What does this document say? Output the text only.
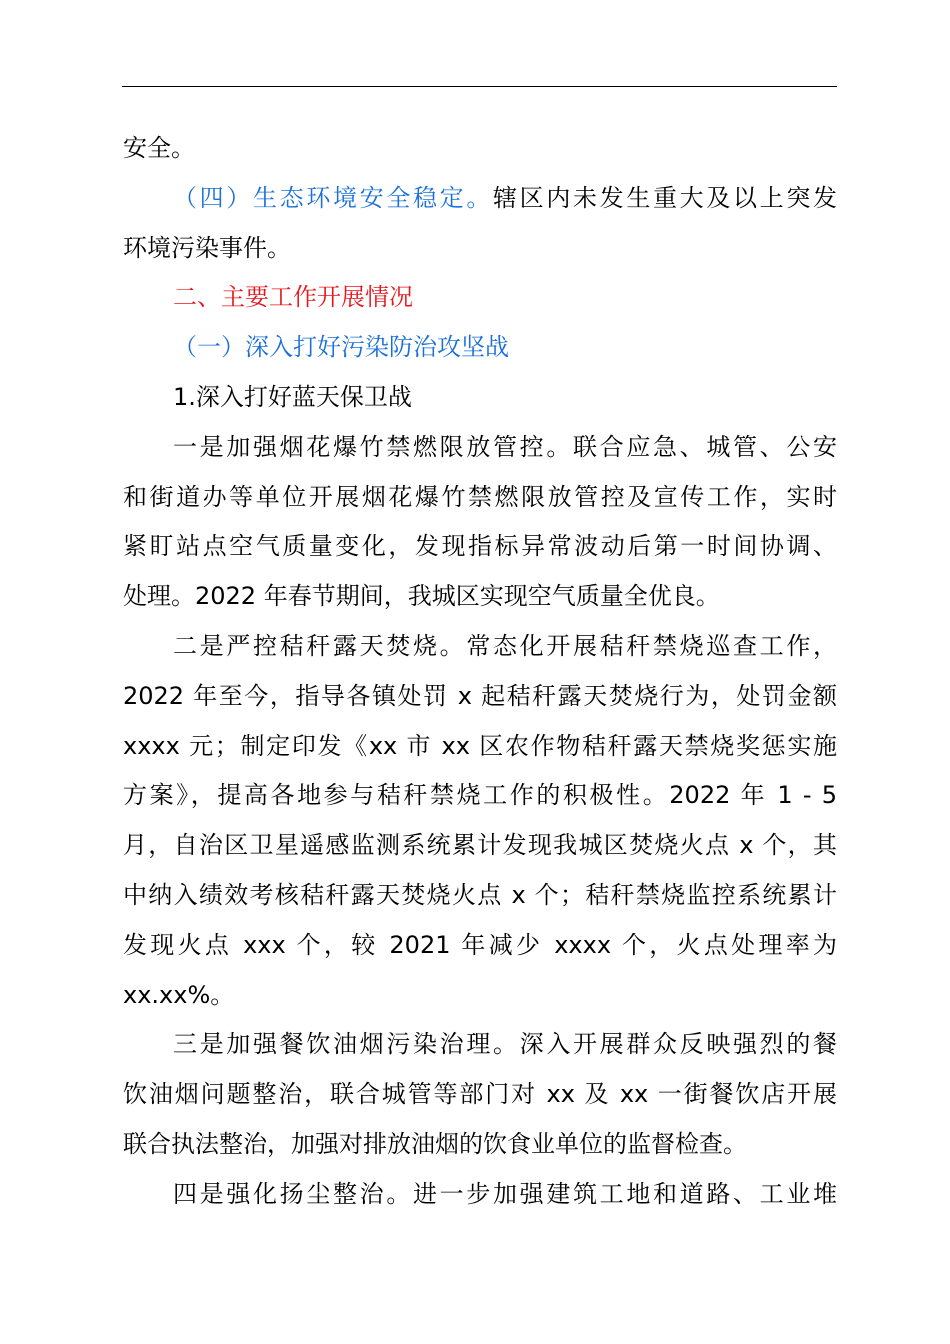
安全。
（四）生态环境安全稳定。辖区内未发生重大及以上突发
环境污染事件。
二、主要工作开展情况
（一）深入打好污染防治攻坚战
1.深入打好蓝天保卫战
一是加强烟花爆竹禁燃限放管控。联合应急、城管、公安
和街道办等单位开展烟花爆竹禁燃限放管控及宣传工作，实时
紧盯站点空气质量变化，发现指标异常波动后第一时间协调、
处理。2022 年春节期间，我城区实现空气质量全优良。
二是严控秸秆露天焚烧。常态化开展秸秆禁烧巡查工作，
2022 年至今，指导各镇处罚 x 起秸秆露天焚烧行为，处罚金额
xxxx 元；制定印发《xx 市 xx 区农作物秸秆露天禁烧奖惩实施
方案》，提高各地参与秸秆禁烧工作的积极性。2022 年 1 - 5
月，自治区卫星遥感监测系统累计发现我城区焚烧火点 x 个，其
中纳入绩效考核秸秆露天焚烧火点 x 个；秸秆禁烧监控系统累计
发现火点 xxx 个，较 2021 年减少 xxxx 个，火点处理率为
xx.xx%。
三是加强餐饮油烟污染治理。深入开展群众反映强烈的餐
饮油烟问题整治，联合城管等部门对 xx 及 xx 一街餐饮店开展
联合执法整治，加强对排放油烟的饮食业单位的监督检查。
四是强化扬尘整治。进一步加强建筑工地和道路、工业堆
